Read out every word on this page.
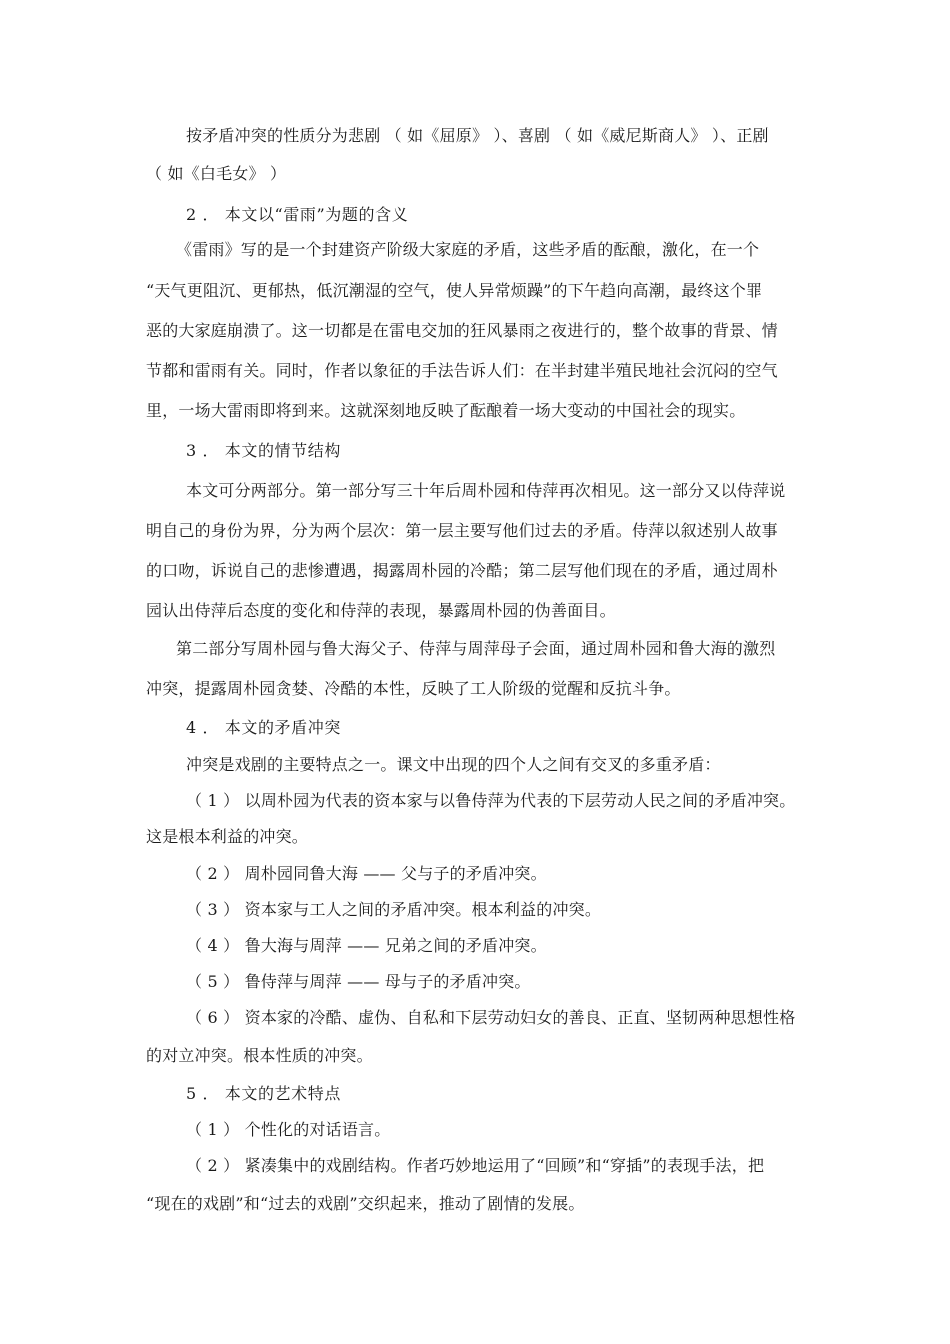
按矛盾冲突的性质分为悲剧 （ 如《屈原》 ）、喜剧 （ 如《威尼斯商人》 ）、正剧
（ 如《白毛女》 ）
2 ． 本文以“雷雨”为题的含义
《雷雨》写的是一个封建资产阶级大家庭的矛盾，这些矛盾的酝酿，激化，在一个
“天气更阻沉、更郁热，低沉潮湿的空气，使人异常烦躁”的下午趋向高潮，最终这个罪
恶的大家庭崩溃了。这一切都是在雷电交加的狂风暴雨之夜进行的，整个故事的背景、情
节都和雷雨有关。同时，作者以象征的手法告诉人们：在半封建半殖民地社会沉闷的空气
里，一场大雷雨即将到来。这就深刻地反映了酝酿着一场大变动的中国社会的现实。
3 ． 本文的情节结构
本文可分两部分。第一部分写三十年后周朴园和侍萍再次相见。这一部分又以侍萍说
明自己的身份为界，分为两个层次：第一层主要写他们过去的矛盾。侍萍以叙述别人故事
的口吻，诉说自己的悲惨遭遇，揭露周朴园的冷酷；第二层写他们现在的矛盾，通过周朴
园认出侍萍后态度的变化和侍萍的表现，暴露周朴园的伪善面目。
第二部分写周朴园与鲁大海父子、侍萍与周萍母子会面，通过周朴园和鲁大海的激烈
冲突，提露周朴园贪婪、冷酷的本性，反映了工人阶级的觉醒和反抗斗争。
4 ． 本文的矛盾冲突
冲突是戏剧的主要特点之一。课文中出现的四个人之间有交叉的多重矛盾：
（ 1 ） 以周朴园为代表的资本家与以鲁侍萍为代表的下层劳动人民之间的矛盾冲突。
这是根本利益的冲突。
（ 2 ） 周朴园同鲁大海 —— 父与子的矛盾冲突。
（ 3 ） 资本家与工人之间的矛盾冲突。根本利益的冲突。
（ 4 ） 鲁大海与周萍 —— 兄弟之间的矛盾冲突。
（ 5 ） 鲁侍萍与周萍 —— 母与子的矛盾冲突。
（ 6 ） 资本家的冷酷、虚伪、自私和下层劳动妇女的善良、正直、坚韧两种思想性格
的对立冲突。根本性质的冲突。
5 ． 本文的艺术特点
（ 1 ） 个性化的对话语言。
（ 2 ） 紧凑集中的戏剧结构。作者巧妙地运用了“回顾”和“穿插”的表现手法，把
“现在的戏剧”和“过去的戏剧”交织起来，推动了剧情的发展。
